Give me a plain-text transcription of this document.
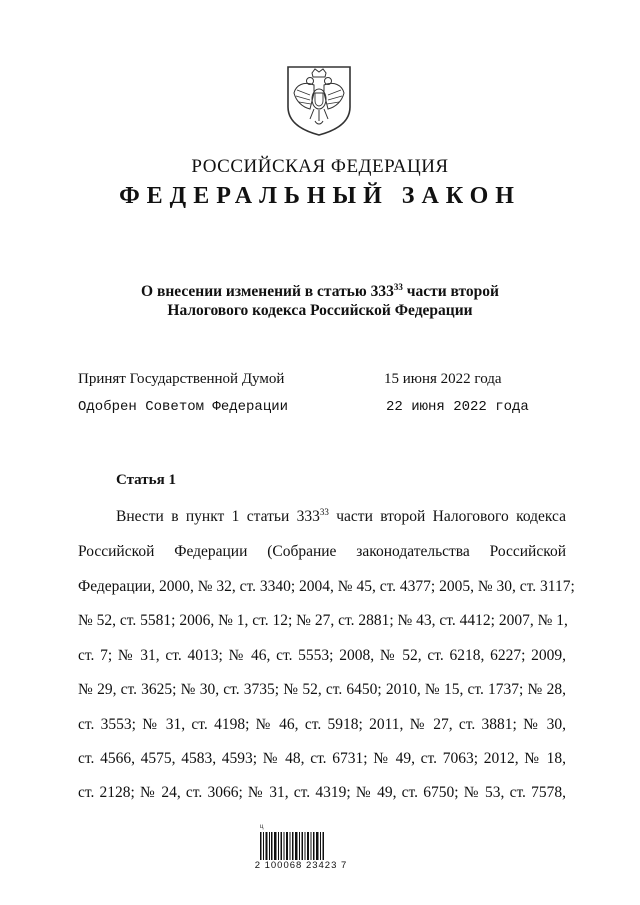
РОССИЙСКАЯ ФЕДЕРАЦИЯ
ФЕДЕРАЛЬНЫЙ ЗАКОН
О внесении изменений в статью $333^{33}$ части второй
Налогового кодекса Российской Федерации
Принят Государственной Думой	15 июня 2022 года
Одобрен Советом Федерации	22 июня 2022 года
Статья 1
Внести в пункт 1 статьи $333^{33}$ части второй Налогового кодекса
Российской Федерации (Собрание законодательства Российской
Федерации, 2000, № 32, ст. 3340; 2004, № 45, ст. 4377; 2005, № 30, ст. 3117;
№ 52, ст. 5581; 2006, № 1, ст. 12; № 27, ст. 2881; № 43, ст. 4412; 2007, № 1,
ст. 7; № 31, ст. 4013; № 46, ст. 5553; 2008, № 52, ст. 6218, 6227; 2009,
№ 29, ст. 3625; № 30, ст. 3735; № 52, ст. 6450; 2010, № 15, ст. 1737; № 28,
ст. 3553; № 31, ст. 4198; № 46, ст. 5918; 2011, № 27, ст. 3881; № 30,
ст. 4566, 4575, 4583, 4593; № 48, ст. 6731; № 49, ст. 7063; 2012, № 18,
ст. 2128; № 24, ст. 3066; № 31, ст. 4319; № 49, ст. 6750; № 53, ст. 7578,
ц
2 100068 23423 7
